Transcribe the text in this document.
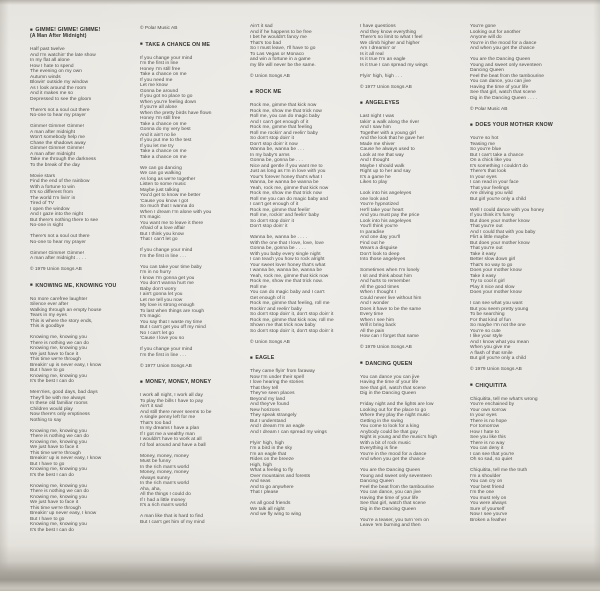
■ GIMME! GIMME! GIMME!
(A Man After Midnight)
Half past twelve
And I'm watchin' the late show
In my flat all alone
How I hate to spend
The evening on my own
Autumn winds
Blowin' outside my window
As I look around the room
And it makes me so
Depressed to see the gloom
There's not a soul out there
No-one to hear my prayer
Gimme! Gimme! Gimme!
A man after midnight
Won't somebody help me
Chase the shadows away
Gimme! Gimme! Gimme!
A man after midnight
Take me through the darkness
To the break of the day
Movie stars
Find the end of the rainbow
With a fortune to win
It's so different from
The world I'm livin' in
Tired of TV
I open the window
And I gaze into the night
But there's nothing there to see
No-one in sight
There's not a soul out there
No-one to hear my prayer
Gimme! Gimme! Gimme!
A man after midnight . . . .
© 1979 Union Songs AB
■ KNOWING ME, KNOWING YOU
No more carefree laughter
Silence ever after
Walking through an empty house
Tears in my eyes
This is where the story ends,
This is goodbye
Knowing me, knowing you
There is nothing we can do
Knowing me, knowing you
We just have to face it
This time we're through
Breakin' up is never easy, I know
But I have to go
Knowing me, knowing you
It's the best I can do
Mem'ries, good days, bad days
They'll be with me always
In these old familiar rooms
Children would play
Now there's only emptiness
Nothing to say
Knowing me, knowing you
There is nothing we can do
Knowing me, knowing you
We just have to face it
This time we're through
Breakin' up is never easy, I know
But I have to go
Knowing me, knowing you
It's the best I can do
Knowing me, knowing you
There is nothing we can do
Knowing me, knowing you
We just have to face it
This time we're through
Breakin' up never easy, I know
But I have to go
Knowing me, knowing you
It's the best I can do
© Polar Music AB
■ TAKE A CHANCE ON ME
If you change your mind
I'm the first in line
Honey I'm still free
Take a chance on me
If you need me
Let me know
Gonna be around
If you got no place to go
When you're feeling down
If you're all alone
When the pretty birds have flown
Honey I'm still free
Take a chance on me
Gonna do my very best
And it ain't no lie
If you put me to the test
If you let me try
Take a chance on me
Take a chance on me
We can go dancing
We can go walking
As long as we're together
Listen to some music
Maybe just talking
You'd get to know me better
'Cause you know I got
So much that I wanna do
When I dream I'm alone with you
It's magic
You want me to leave it there
Afraid of a love affair
But I think you know
That I can't let go
If you change your mind
I'm the first in line . . .
You can take your time baby
I'm in no hurry
I know I'm gonna get you
You don't wanna hurt me
Baby don't worry
I ain't gonna let you
Let me tell you now
My love is strong enough
To last when things are rough
It's magic
You say that I waste my time
But I can't get you off my mind
No I can't let go
'Cause I love you so
If you change your mind
I'm the first in line . . .
© 1977 Union Songs AB
■ MONEY, MONEY, MONEY
I work all night, I work all day
To play the bills I have to pay
Ain't it sad
And still there never seems to be
A single penny left for me
That's too bad
In my dreams I have a plan
If I got me a wealthy man
I wouldn't have to work at all
I'd fool around and have a ball
Money, money, money
Must be funny
In the rich man's world
Money, money, money
Always sunny
In the rich man's world
Aha, aha,
All the things I could do
If I had a little money
It's a rich man's world
A man like that is hard to find
But I can't get him of my mind
Ain't it sad
And if he happens to be free
I bet he wouldn't fancy me
That's too bad
So I must leave, I'll have to go
To Las Vegas or Monaco
and win a fortune in a game
my life will never be the same.
© Union Songs AB
■ ROCK ME
Rock me, gimme that kick now
Rock me, show me that trick now
Roll me, you can do magic baby
And I can't get enough of it
Rock me, gimme that feeling
Roll me rockin' and reelin' baby
So don't stop doin' it
Don't stop doin' it now
Wanna be, wanna be . . .
In my baby's arms
Gonna be, gonna be . . .
Nice and gentle if you want me to
Just as long as I'm in love with you
Your's forever honey that's what I
Wanna, be wanna be wanna be
Yeah, rock me, gimme that kick now
Rock me, show me that trick now
Roll me you can do magic baby and
I can't get enough of it
Rock me, gimme that feelin'
Roll me, rockin' and feelin' baby
So don't stop doin' it
Don't stop doin' it
Wanna be, wanna be . . . .
With the one that I love, love, love
Gonna be, gonna be . . . .
With you baby every single night
I can teach you how to rock alright
Your sweet lover honey that's what
I wanna be, wanna be, wanna be
Yeah, rock me, gimme that kick now
Rock me, show me that trick now.
Roll me
You can do magic baby and I can't
Get enough of it
Rock me, gimme that feeling, roll me
Rockin' and reelin' baby
So don't stop doin' it, don't stop doin' it
Rock me, gimme that kick now, roll me
Shown me that trick now baby
So don't stop doin' it, don't stop doin' it
© Union Songs AB
■ EAGLE
They came flyin' from faraway
Now I'm under their spell
I love hearing the stories
That they tell
They've seen places
Beyond my land
And they've found
New horizons
They speak strangely
But I understand
And I dream I'm an eagle
And I dream I can spread my wings
Flyin' high, high
I'm a bird in the sky
I'm an eagle that
Rides on the breeze
High, high
What a feeling to fly
Over mountains and forests
And seas
And to go anywhere
That I please
As all good friends
We talk all night
And we fly wing to wing
I have questions
And they know everything
There's no limit to what I feel
We climb higher and higher
Am I dreamin' or
Is it all real
Is it true I'm an eagle
Is it true I can spread my wings
Flyin' high, high . . .
© 1977 Union Songs AB
■ ANGELEYES
Last night I was
takin' a walk along the river
And I saw him
Together with a young girl
And the look that he gave her
Made me shiver
Cause he always used to
Look at me that way
And I thought
Maybe I should walk
Right up to her and say
It's a game he
Likes to play
Look into his angeleyes
one look and
You're hypnotized
He'll take your heart
And you must pay the price
Look into his angeleyes
You'll think you're
In paradise
And one day you'll
Find out he
Wears a disguise
Don't look to deep
Into those angeleyes
Sometimes when I'm lonely
I sit and think about him
And hurts to remember
All the good times
When I thought I
Could never live without him
And I wonder
Does it have to be the same
Every time
When I see him
Will it bring back
All the pain
How can I forget that name
© 1979 Union Songs AB
■ DANCING QUEEN
You can dance you can jive
Having the time of your life
See that girl, watch that scene
Dig in the Dancing Queen
Friday night and the lights are low
Looking out for the place to go
Where they play the night music
Getting in the swing
You come to look for a king
Anybody could be that guy
Night is young and the music's high
With a bit of rock music
Everything is fine
You're in the mood for a dance
And when you get the chance
You are the Dancing Queen
Young and sweet only seventeen
Dancing Queen
Feel the beat from the tambourine
You can dance, you can jive
Having the time of your life
See that girl, watch that scene
Dig in the Dancing Queen
You're a teaser, you turn 'em on
Leave 'em burning and then
You're gone
Looking out for another
Anyone will do
You're in the mood for a dance
And when you get the chance
You are the Dancing Queen
Young and sweet only seventeen
Dancing Queen
Feel the beat from the tambourine
You can dance, you can jive
Having the time of your life
See that girl, watch that scene
Dig in the Dancing Queen . . . .
© Polar Music AB
■ DOES YOUR MOTHER KNOW
You're so hot
Teasing me
So you're blue
But I can't take a chance
On a chick like you
It's something I couldn't do
There's that look
In your eyes
I can read in your face
That your feelings
Are driving you wild
But girl you're only a child
Well I could dance with you honey
If you think it's funny
But does your mother know
That you're out
And I could that with you baby
Flirt a little maybe
But does your mother know
That you're out
Take it easy
Better slow down girl
That's no way to go
Does your mother know
Take it easy
Try to cool it girl
Play it nice and slow
Does your mother know
I can see what you want
But you seem pretty young
To be searching
For that kind of fun
So maybe I'm not the one
You're so cute
I like your style
And I know what you mean
When you give me
A flash of that smile
But girl you're only a child
© 1979 Union Songs AB
■ CHIQUITITA
Chiquitita, tell me what's wrong
You're enchained by
Your own sorrow
In your eyes
There is no hope
For tomorrow
How I hate to
See you like this
There is no way
You can deny it
I can see that you're
Oh so sad, so quiet
Chiquitita, tell me the truth
I'm a shoulder
You can cry on
Your best friend
I'm the one
You must rely on
You were always
Sure of yourself
Now I see you've
Broken a feather
